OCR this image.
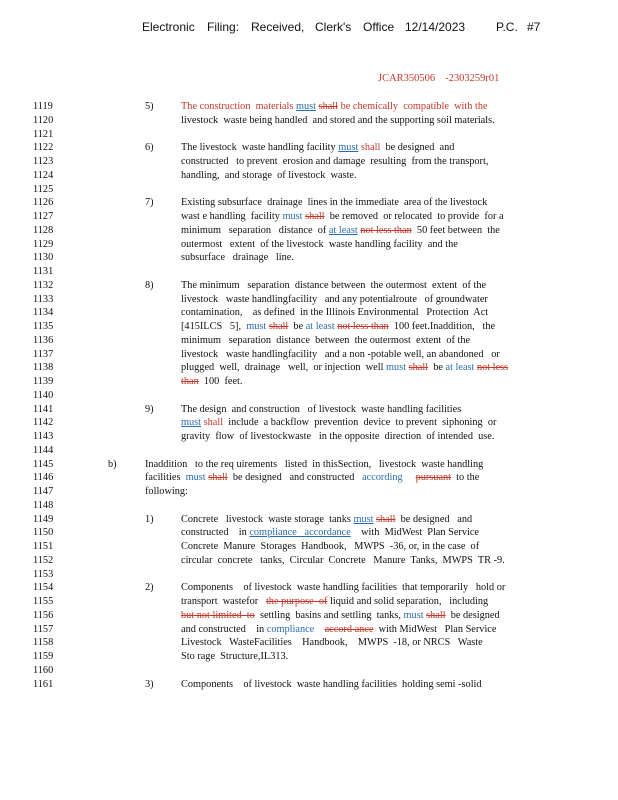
Electronic Filing: Received, Clerk's Office 12/14/2023	P.C. #7
JCAR350506 -2303259r01
1119	5)	The construction  materials must shall be chemically  compatible  with the
1120	livestock  waste being handled  and stored and the supporting soil materials.
1121
1122	6)	The livestock  waste handling facility must shall  be designed  and
1123	constructed   to prevent  erosion and damage  resulting  from the transport,
1124	handling,  and storage  of livestock  waste.
1125
1126	7)	Existing subsurface  drainage  lines in the immediate  area of the livestock
1127	wast e handling  facility must shall  be removed  or relocated  to provide  for a
1128	minimum   separation   distance  of at least not less than  50 feet between  the
1129	outermost   extent  of the livestock  waste handling facility  and the
1130	subsurface   drainage   line.
1131
1132	8)	The minimum   separation  distance between  the outermost  extent  of the
1133	livestock   waste handlingfacility   and any potentialroute   of groundwater
1134	contamination,    as defined  in the Illinois Environmental   Protection  Act
1135	[415ILCS   5],  must shall  be at least not less than  100 feet.Inaddition,   the
1136	minimum   separation  distance  between  the outermost  extent  of the
1137	livestock   waste handlingfacility   and a non -potable well, an abandoned   or
1138	plugged  well,  drainage   well,  or injection  well must shall  be at least not less
1139	than  100  feet.
1140
1141	9)	The design  and construction   of livestock  waste handling facilities
1142	must shall  include  a backflow  prevention  device  to prevent  siphoning  or
1143	gravity  flow  of livestockwaste   in the opposite  direction  of intended  use.
1144
1145	b)	Inaddition   to the req uirements   listed  in thisSection,   livestock  waste handling
1146	facilities  must shall  be designed   and constructed   according pursuant  to the
1147	following:
1148
1149	1)	Concrete   livestock  waste storage  tanks must shall  be designed   and
1150	constructed    in compliance   accordance    with  MidWest  Plan Service
1151	Concrete  Manure  Storages  Handbook,   MWPS  -36, or, in the case  of
1152	circular  concrete   tanks,  Circular  Concrete   Manure  Tanks,  MWPS  TR -9.
1153
1154	2)	Components    of livestock  waste handling facilities  that temporarily   hold or
1155	transport  wastefor   the purpose  of liquid and solid separation,   including
1156	but not limited  to  settling  basins and settling  tanks, must shall  be designed
1157	and constructed    in compliance accord ance  with MidWest   Plan Service
1158	Livestock   WasteFacilities    Handbook,    MWPS  -18, or NRCS   Waste
1159	Sto rage  Structure,IL313.
1160
1161	3)	Components    of livestock  waste handling facilities  holding semi -solid
